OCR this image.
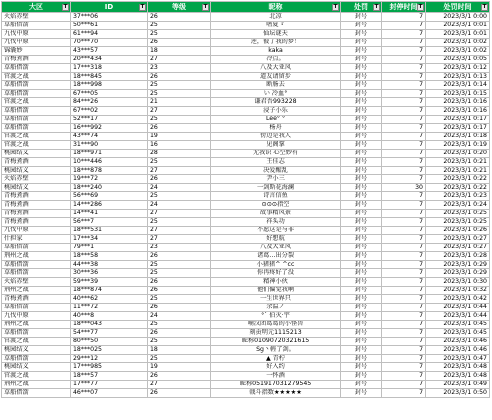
大区 T	ID T	等级 T	昵称 T	处罚 T	封停时间 T	处罚时间 T

火焰赤壁	37***06	26	北凉	封号	7	2023/3/1 0:00
草船借箭	50***61	25	嗜夏ゞ	封号	7	2023/3/1 0:01
九伐中原	61***94	25	仙坛谜天	封号	7	2023/3/1 0:01
九伐中原	70***70	26	逆，彼了我的梦！	封号	7	2023/3/1 0:02
锦囊妙	43***57	18	kaka	封号	7	2023/3/1 0:02
青梅煮酒	20***434	27	冷点。	封号	7	2023/3/1 0:05
草船借箭	17***318	23	八及大亚风	封号	7	2023/3/1 0:12
官渡之战	18***845	26	道友请留步	封号	7	2023/3/1 0:13
草船借箭	18***998	25	断肠去	封号	7	2023/3/1 0:14
草船借箭	67***05	25	い 冷血°	封号	7	2023/3/1 0:15
官渡之战	84***26	21	谦君吾993228	封号	7	2023/3/1 0:16
草船借箭	67***02	27	浸子小乐	封号	7	2023/3/1 0:16
草船借箭	52***17	25	Lee° °	封号	7	2023/3/1 0:17
草船借箭	16***992	26	杨舟	封号	7	2023/3/1 0:17
官渡之战	43***74	19	傍边是我人	封号	7	2023/3/1 0:18
官渡之战	31***90	16	见阁掌	封号	7	2023/3/1 0:19
桃园结义	18***971	28	无我识 心空妙有	封号	7	2023/3/1 0:20
青梅煮酒	10***446	25	王佳志	封号	7	2023/3/1 0:21
桃园结义	18***878	27	决爱醒乱	封号	7	2023/3/1 0:21
火焰赤壁	19***72	26	尹小三	封号	7	2023/3/1 0:22
桃园结义	18***240	24	一剑斯花海澜	封号	30	2023/3/1 0:22
青梅煮酒	56***69	25	诗言信鱼	封号	7	2023/3/1 0:23
青梅煮酒	14***286	24	⊙⊙⊙指空	封号	7	2023/3/1 0:24
青梅煮酒	14***41	27	故事精风景	封号	7	2023/3/1 0:25
青梅煮酒	56***7	25	祥头功	封号	7	2023/3/1 0:25
九伐中原	18***531	27	不愿这是与非	封号	7	2023/3/1 0:26
什担家	17***34	27	好想航	封号	7	2023/3/1 0:27
草船借箭	79***1	23	八及大亚风	封号	7	2023/3/1 0:27
荆州之战	18***58	26	诸葛…出分裂	封号	7	2023/3/1 0:28
草船借箭	44***38	25	小猪猪^ ^cc	封号	7	2023/3/1 0:29
草船借箭	30***36	25	你冉疼好了没	封号	7	2023/3/1 0:29
火焰赤壁	59***39	26	精神小伙	封号	7	2023/3/1 0:30
荆州之战	18***874	26	他们偏觉我啊	封号	7	2023/3/1 0:32
青梅煮酒	40***62	25	一生世界只	封号	7	2023/3/1 0:42
草船借箭	11***72	26	余温ノ	封号	7	2023/3/1 0:44
九伐中原	40***8	24	°` 伯灭·宇	封号	7	2023/3/1 0:44
荆州之战	18***043	25	喃汉团葛葛的小怪兽	封号	7	2023/3/1 0:45
草船借箭	54***77	26	刻贡明元1115213	封号	7	2023/3/1 0:45
官渡之战	80***50	25	昵称01090720321615	封号	7	2023/3/1 0:46
桃园结义	18***025	18	Sg丶輕了剑。	封号	7	2023/3/1 0:46
草船借箭	29***12	25	▲ 青柠	封号	7	2023/3/1 0:47
桃园结义	17***985	19	好入约	封号	7	2023/3/1 0:48
官渡之战	18***57	26	一怀酒	封号	7	2023/3/1 0:48
荆州之战	17***77	27	昵称051917031279545	封号	7	2023/3/1 0:49
草船借箭	46***07	26	戟斗指数★★★★★	封号	7	2023/3/1 0:50
